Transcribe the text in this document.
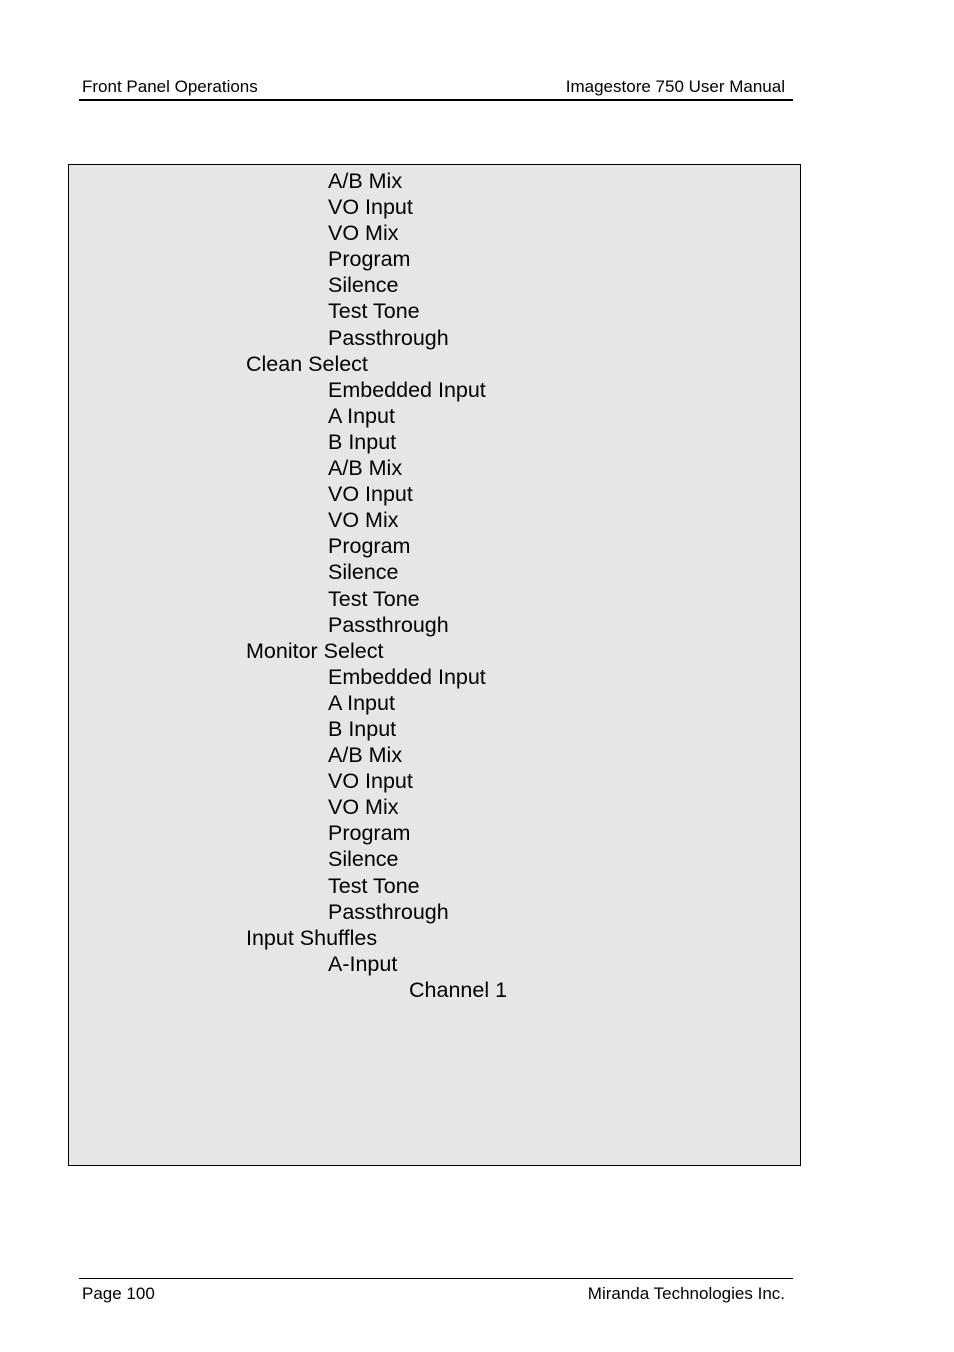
Front Panel Operations	Imagestore 750 User Manual
A/B Mix
VO Input
VO Mix
Program
Silence
Test Tone
Passthrough
Clean Select
Embedded Input
A Input
B Input
A/B Mix
VO Input
VO Mix
Program
Silence
Test Tone
Passthrough
Monitor Select
Embedded Input
A Input
B Input
A/B Mix
VO Input
VO Mix
Program
Silence
Test Tone
Passthrough
Input Shuffles
A-Input
Channel 1
Page 100	Miranda Technologies Inc.
